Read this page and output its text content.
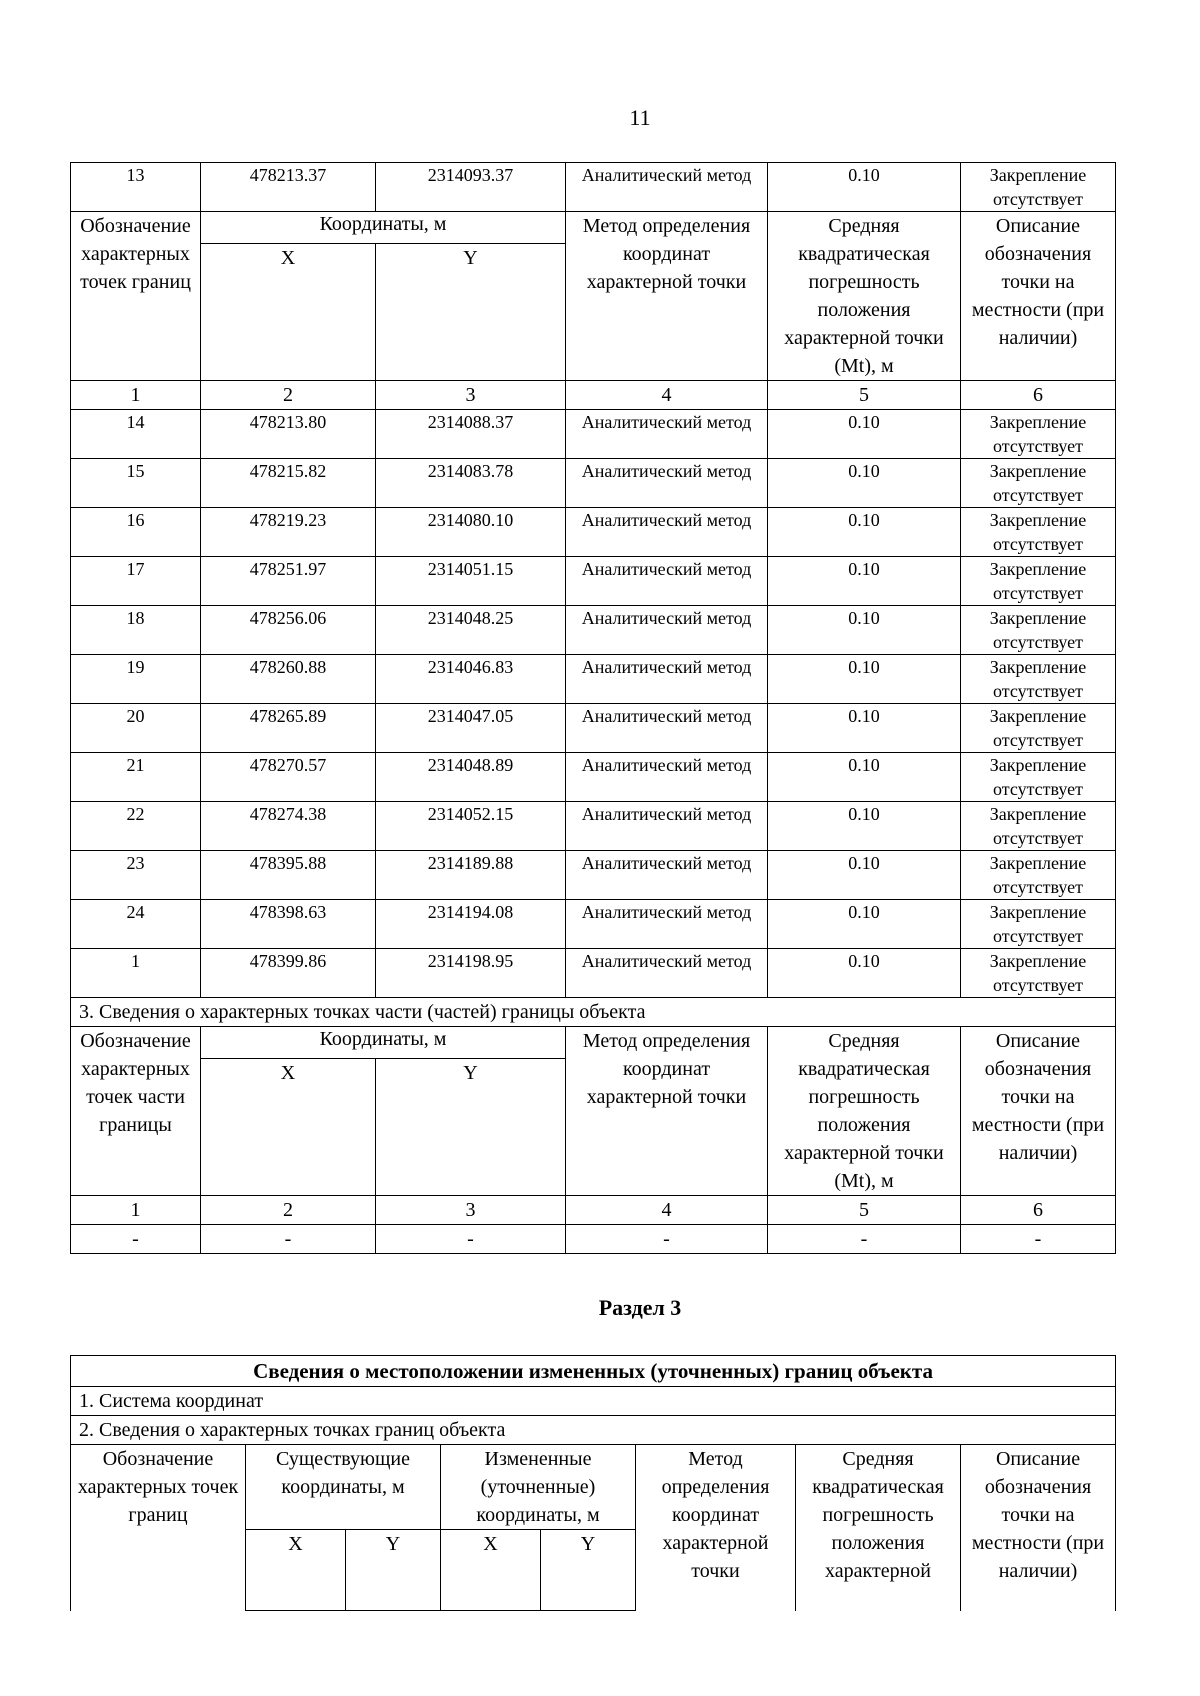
11
13	478213.37	2314093.37	Аналитический метод	0.10	Закрепление отсутствует
Обозначение характерных точек границ	Координаты, м		Метод определения координат характерной точки	Средняя квадратическая погрешность положения характерной точки (Mt), м	Описание обозначения точки на местности (при наличии)
	X	Y			
1	2	3	4	5	6
14	478213.80	2314088.37	Аналитический метод	0.10	Закрепление отсутствует
15	478215.82	2314083.78	Аналитический метод	0.10	Закрепление отсутствует
16	478219.23	2314080.10	Аналитический метод	0.10	Закрепление отсутствует
17	478251.97	2314051.15	Аналитический метод	0.10	Закрепление отсутствует
18	478256.06	2314048.25	Аналитический метод	0.10	Закрепление отсутствует
19	478260.88	2314046.83	Аналитический метод	0.10	Закрепление отсутствует
20	478265.89	2314047.05	Аналитический метод	0.10	Закрепление отсутствует
21	478270.57	2314048.89	Аналитический метод	0.10	Закрепление отсутствует
22	478274.38	2314052.15	Аналитический метод	0.10	Закрепление отсутствует
23	478395.88	2314189.88	Аналитический метод	0.10	Закрепление отсутствует
24	478398.63	2314194.08	Аналитический метод	0.10	Закрепление отсутствует
1	478399.86	2314198.95	Аналитический метод	0.10	Закрепление отсутствует
3. Сведения о характерных точках части (частей) границы объекта					
Обозначение характерных точек части границы	Координаты, м		Метод определения координат характерной точки	Средняя квадратическая погрешность положения характерной точки (Mt), м	Описание обозначения точки на местности (при наличии)
	X	Y			
1	2	3	4	5	6
-	-	-	-	-	-
Раздел 3
Сведения о местоположении измененных (уточненных) границ объекта							
1. Система координат							
2. Сведения о характерных точках границ объекта							
Обозначение характерных точек границ	Существующие координаты, м		Измененные (уточненные) координаты, м		Метод определения координат характерной точки	Средняя квадратическая погрешность положения характерной	Описание обозначения точки на местности (при наличии)
	X	Y	X	Y			
